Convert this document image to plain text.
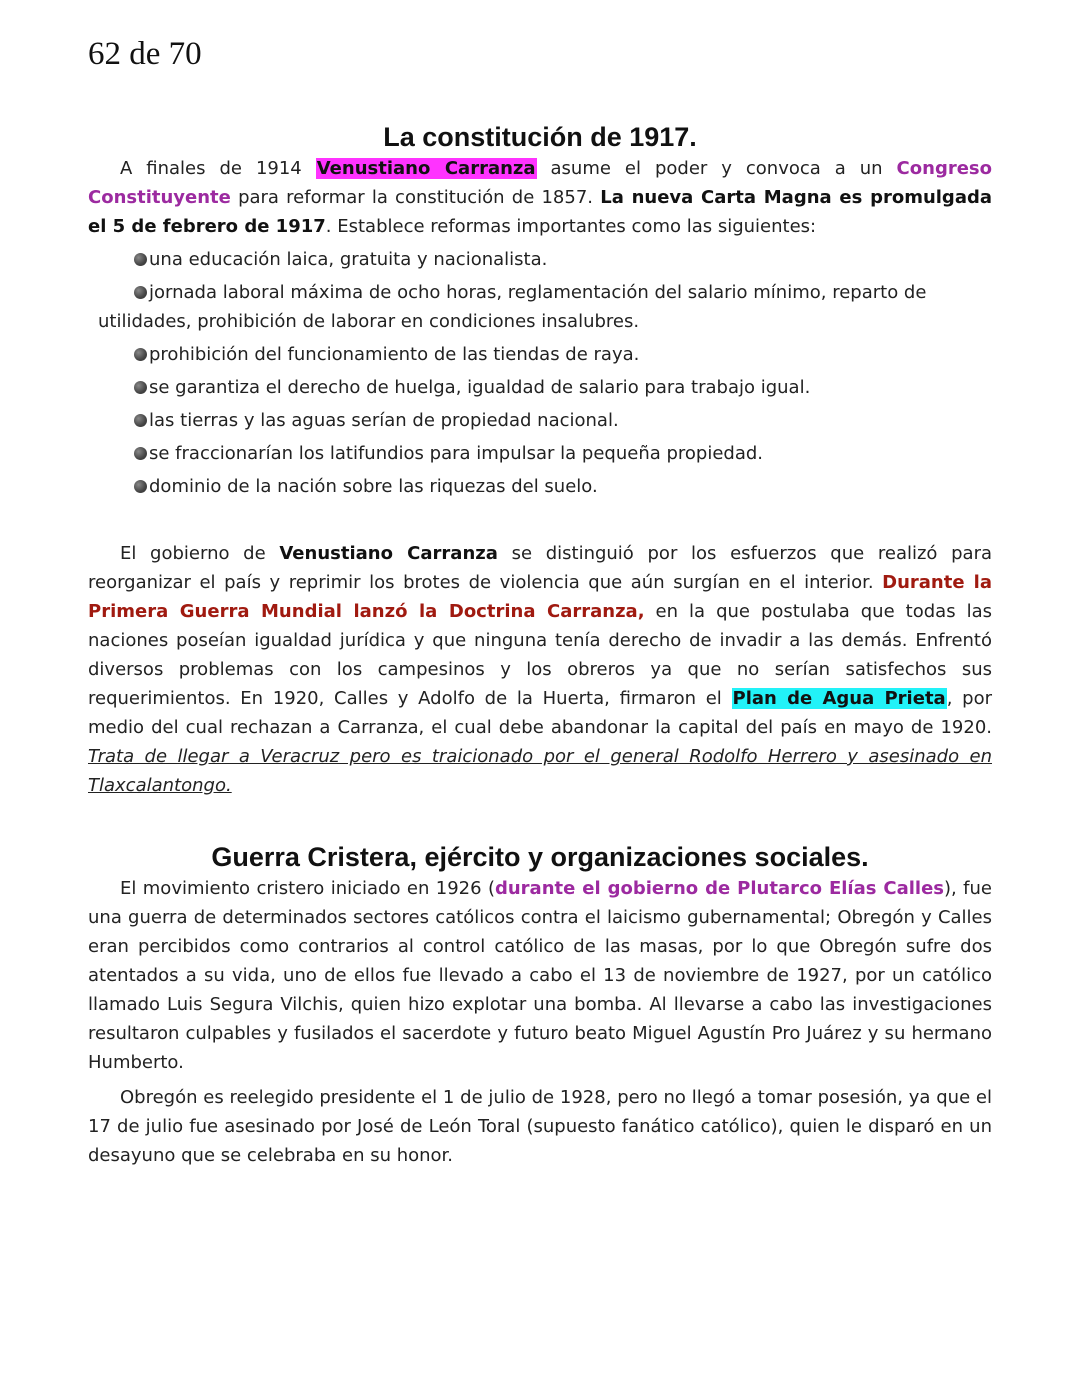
62 de 70
La constitución de 1917.

A finales de 1914 Venustiano Carranza asume el poder y convoca a un Congreso Constituyente para reformar la constitución de 1857. La nueva Carta Magna es promulgada el 5 de febrero de 1917. Establece reformas importantes como las siguientes:

una educación laica, gratuita y nacionalista.
jornada laboral máxima de ocho horas, reglamentación del salario mínimo, reparto de utilidades, prohibición de laborar en condiciones insalubres.
prohibición del funcionamiento de las tiendas de raya.
se garantiza el derecho de huelga, igualdad de salario para trabajo igual.
las tierras y las aguas serían de propiedad nacional.
se fraccionarían los latifundios para impulsar la pequeña propiedad.
dominio de la nación sobre las riquezas del suelo.

El gobierno de Venustiano Carranza se distinguió por los esfuerzos que realizó para reorganizar el país y reprimir los brotes de violencia que aún surgían en el interior. Durante la Primera Guerra Mundial lanzó la Doctrina Carranza, en la que postulaba que todas las naciones poseían igualdad jurídica y que ninguna tenía derecho de invadir a las demás. Enfrentó diversos problemas con los campesinos y los obreros ya que no serían satisfechos sus requerimientos. En 1920, Calles y Adolfo de la Huerta, firmaron el Plan de Agua Prieta, por medio del cual rechazan a Carranza, el cual debe abandonar la capital del país en mayo de 1920. Trata de llegar a Veracruz pero es traicionado por el general Rodolfo Herrero y asesinado en Tlaxcalantongo.

Guerra Cristera, ejército y organizaciones sociales.

El movimiento cristero iniciado en 1926 (durante el gobierno de Plutarco Elías Calles), fue una guerra de determinados sectores católicos contra el laicismo gubernamental; Obregón y Calles eran percibidos como contrarios al control católico de las masas, por lo que Obregón sufre dos atentados a su vida, uno de ellos fue llevado a cabo el 13 de noviembre de 1927, por un católico llamado Luis Segura Vilchis, quien hizo explotar una bomba. Al llevarse a cabo las investigaciones resultaron culpables y fusilados el sacerdote y futuro beato Miguel Agustín Pro Juárez y su hermano Humberto.

Obregón es reelegido presidente el 1 de julio de 1928, pero no llegó a tomar posesión, ya que el 17 de julio fue asesinado por José de León Toral (supuesto fanático católico), quien le disparó en un desayuno que se celebraba en su honor.
